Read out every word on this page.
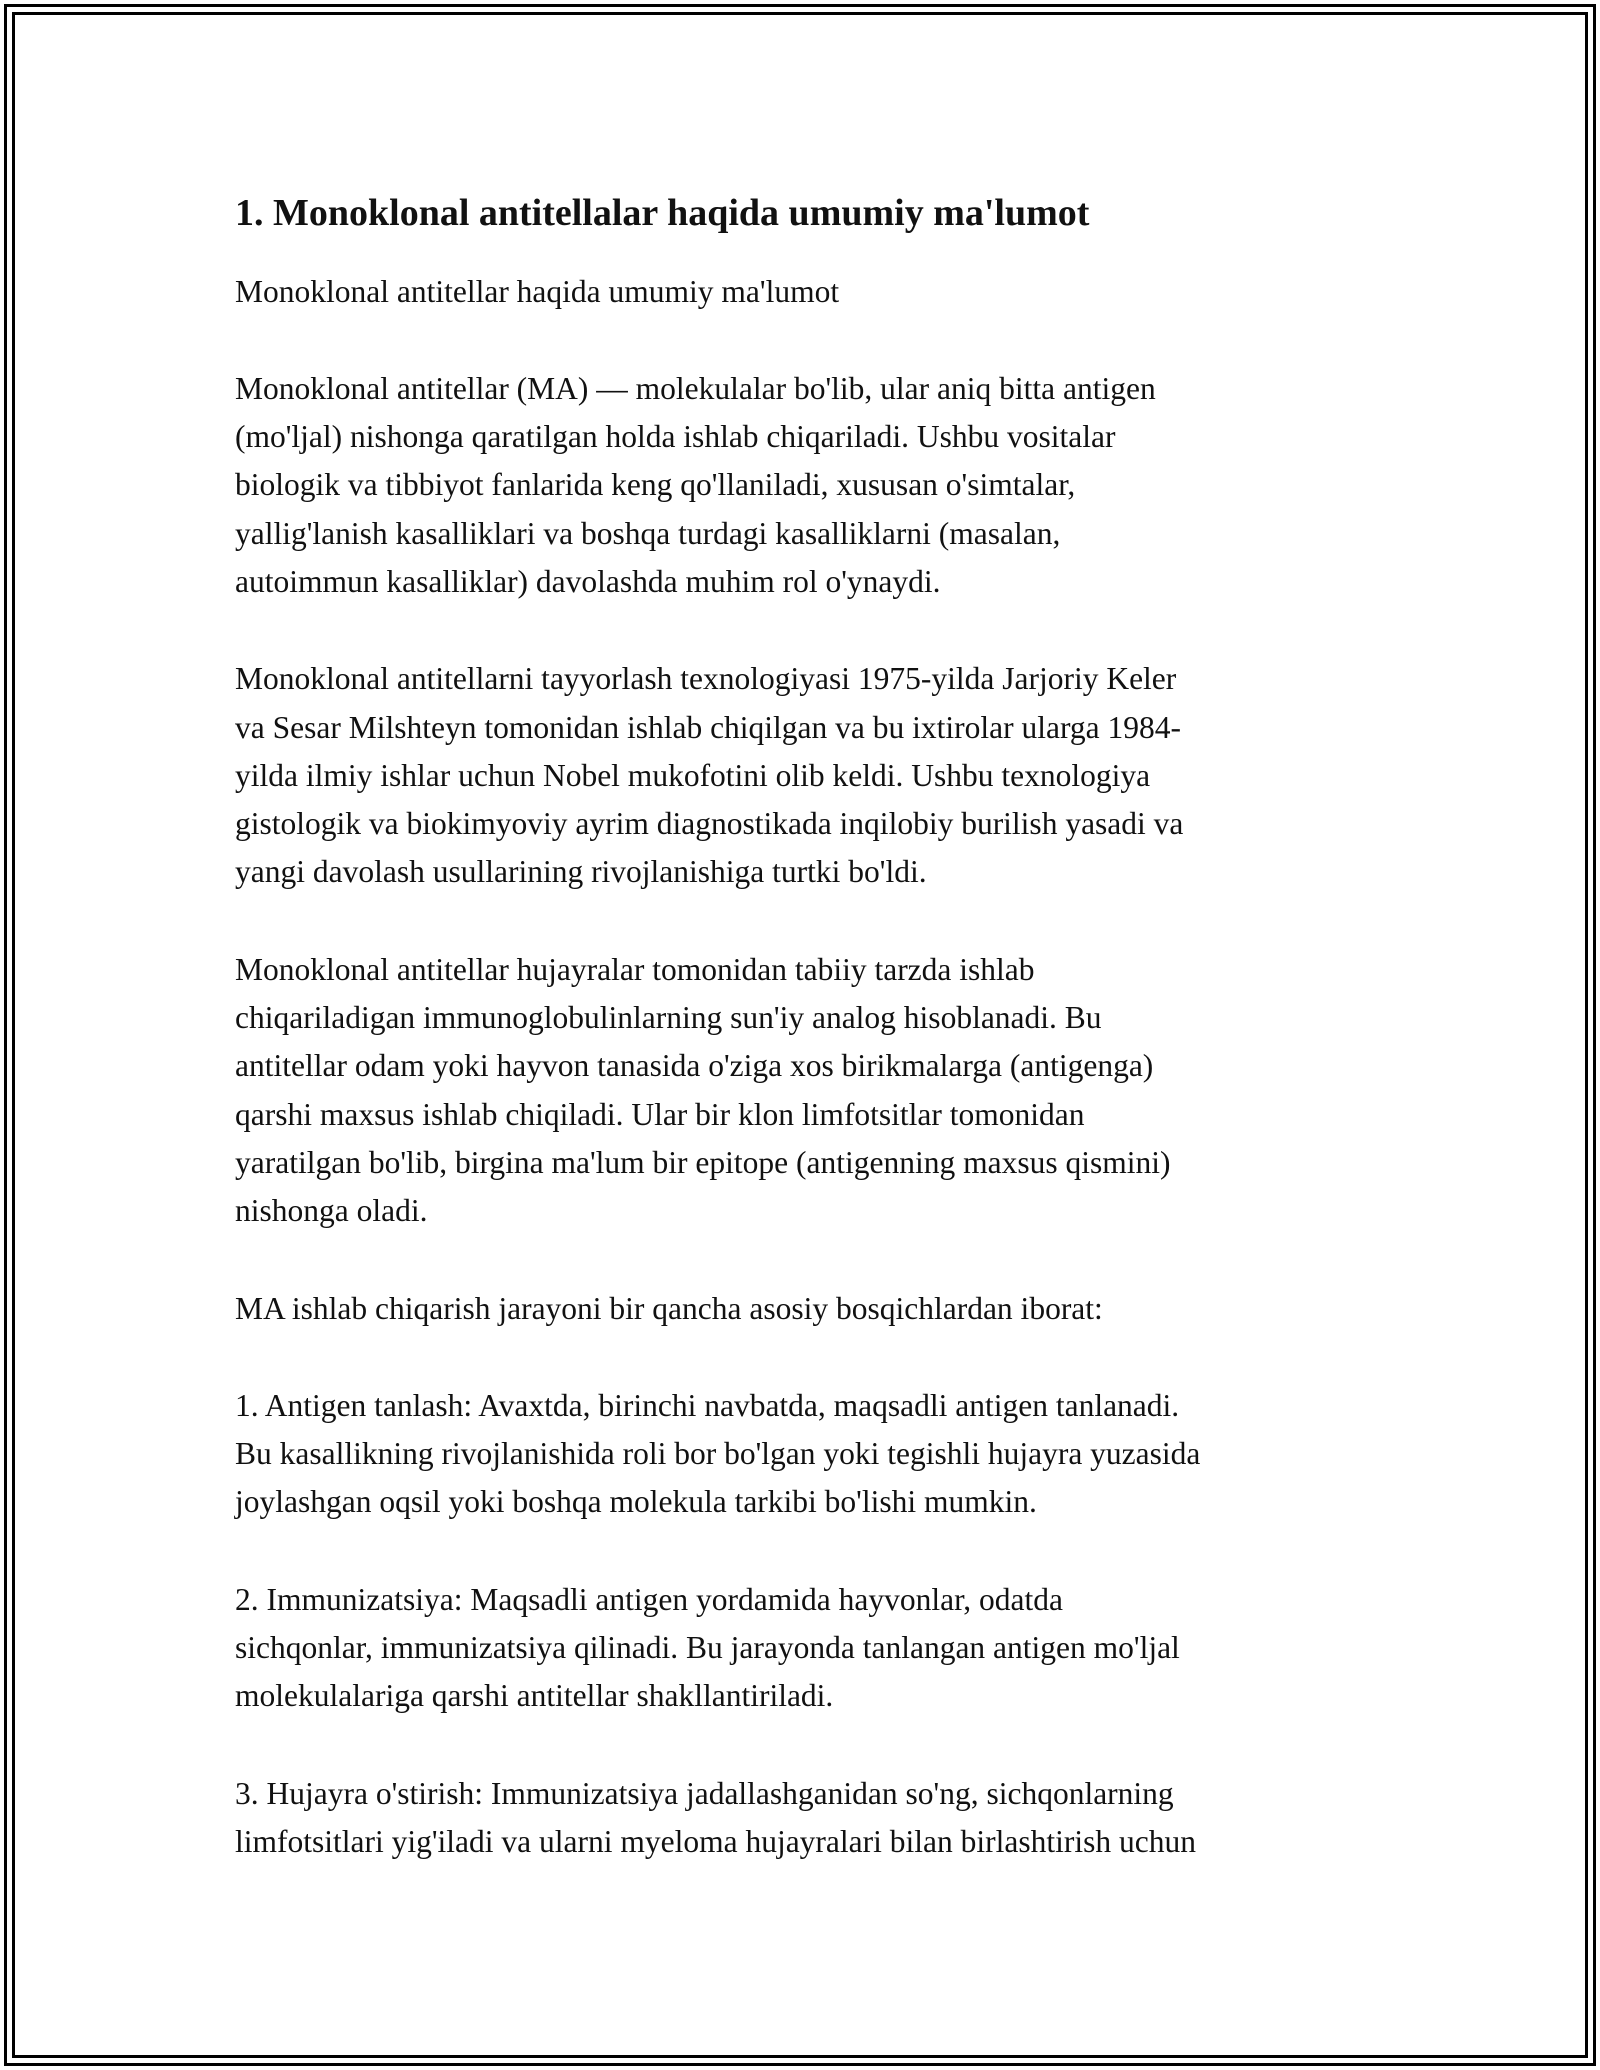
1. Monoklonal antitellalar haqida umumiy ma'lumot

Monoklonal antitellar haqida umumiy ma'lumot

Monoklonal antitellar (MA) — molekulalar bo'lib, ular aniq bitta antigen
(mo'ljal) nishonga qaratilgan holda ishlab chiqariladi. Ushbu vositalar
biologik va tibbiyot fanlarida keng qo'llaniladi, xususan o'simtalar,
yallig'lanish kasalliklari va boshqa turdagi kasalliklarni (masalan,
autoimmun kasalliklar) davolashda muhim rol o'ynaydi.

Monoklonal antitellarni tayyorlash texnologiyasi 1975-yilda Jarjoriy Keler
va Sesar Milshteyn tomonidan ishlab chiqilgan va bu ixtirolar ularga 1984-
yilda ilmiy ishlar uchun Nobel mukofotini olib keldi. Ushbu texnologiya
gistologik va biokimyoviy ayrim diagnostikada inqilobiy burilish yasadi va
yangi davolash usullarining rivojlanishiga turtki bo'ldi.

Monoklonal antitellar hujayralar tomonidan tabiiy tarzda ishlab
chiqariladigan immunoglobulinlarning sun'iy analog hisoblanadi. Bu
antitellar odam yoki hayvon tanasida o'ziga xos birikmalarga (antigenga)
qarshi maxsus ishlab chiqiladi. Ular bir klon limfotsitlar tomonidan
yaratilgan bo'lib, birgina ma'lum bir epitope (antigenning maxsus qismini)
nishonga oladi.

MA ishlab chiqarish jarayoni bir qancha asosiy bosqichlardan iborat:

1. Antigen tanlash: Avaxtda, birinchi navbatda, maqsadli antigen tanlanadi.
Bu kasallikning rivojlanishida roli bor bo'lgan yoki tegishli hujayra yuzasida
joylashgan oqsil yoki boshqa molekula tarkibi bo'lishi mumkin.

2. Immunizatsiya: Maqsadli antigen yordamida hayvonlar, odatda
sichqonlar, immunizatsiya qilinadi. Bu jarayonda tanlangan antigen mo'ljal
molekulalariga qarshi antitellar shakllantiriladi.

3. Hujayra o'stirish: Immunizatsiya jadallashganidan so'ng, sichqonlarning
limfotsitlari yig'iladi va ularni myeloma hujayralari bilan birlashtirish uchun
